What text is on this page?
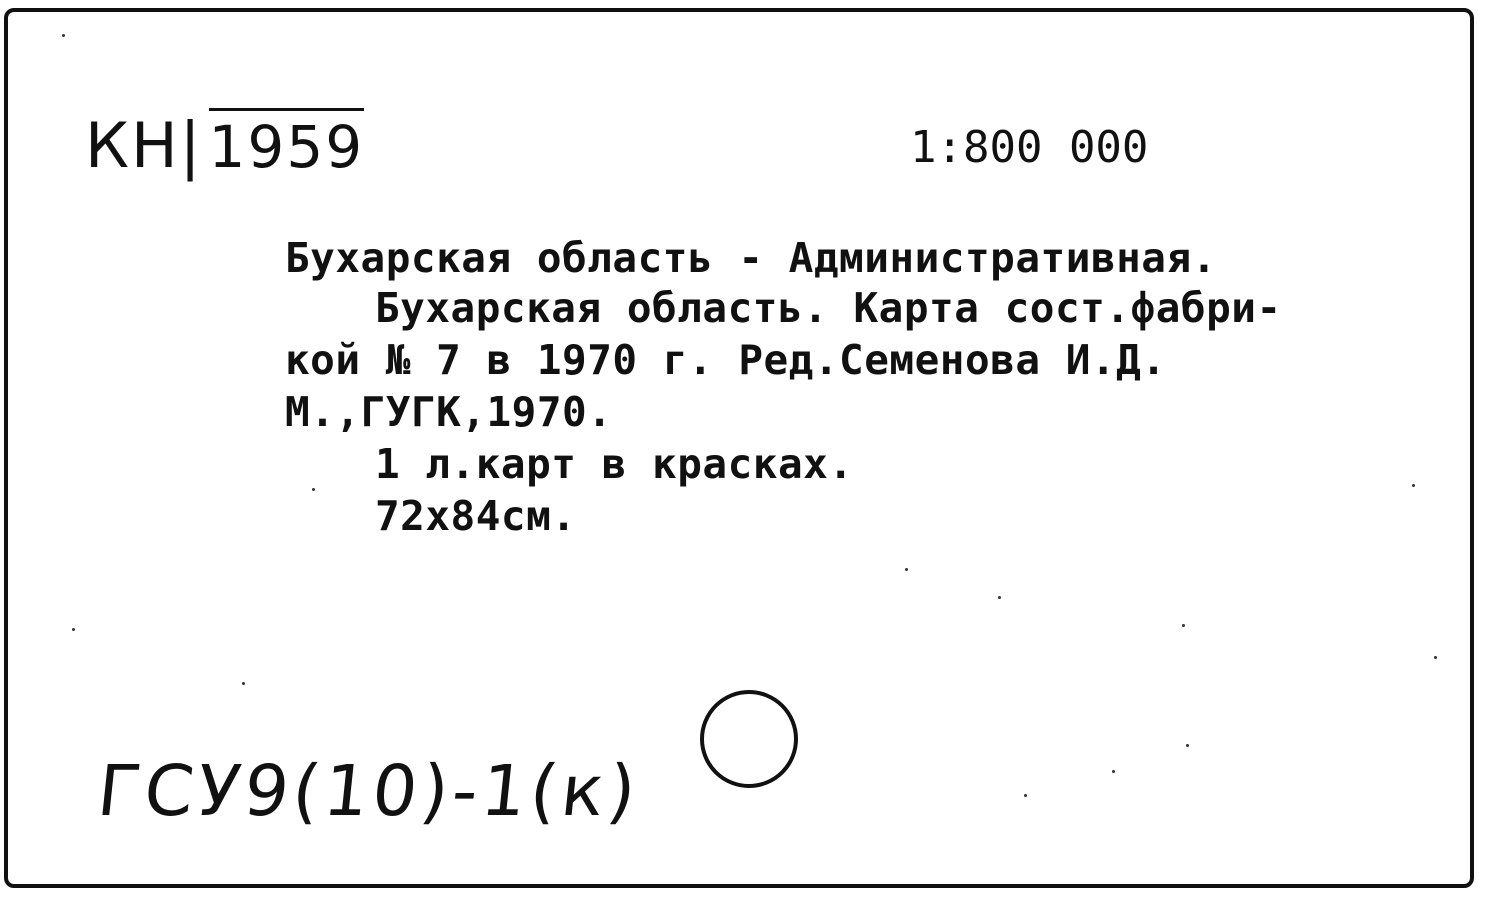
КН| 1959	1:800 000
Бухарская область - Административная.
Бухарская область. Карта сост.фабри-
кой № 7 в 1970 г. Ред.Семенова И.Д.
М.,ГУГК,1970.
1 л.карт в красках.
72х84см.
ГСУ9(10)-1(к)
